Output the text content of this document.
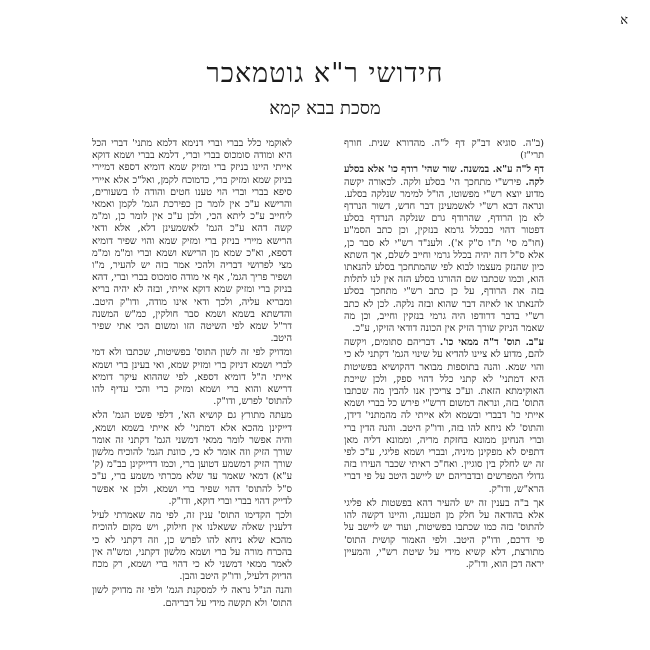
א
חידושי ר"א גוטמאכר
מסכת בבא קמא

(ב"ה. סוגיא דב"ק דף ל"ה. מהדורא שנית. חורף תרי"ז)

דף ל"ה ע"א. במשנה. שור שהי' רודף כו' אלא בסלע לקה. פירש"י מתחכך הי' בסלע ולקה. לכאורה יקשה מדוע יוצא רש"י מפשוטו, הו"ל למימר שנלקה בסלע. ונראה דבא רש"י לאשמעינן דבר חדש, דשור הנרדף לא מן הרודף, שהרודף גרם שנלקה הנרדף בסלע דפטור דהוי כבכלל גרמא בנזקין, וכן כתב הסמ"ע (חו"מ סי' ת"ו ס"ק א'). ולענ"ד רש"י לא סבר כן, אלא ס"ל דזה יהיה בכלל גרמי וחייב לשלם, אך השתא כיון שהנזק מעצמו לבוא לפי שהמתחכך בסלע להנאתו הוא, וכמו שכתבו שם ההורגו בסלע הזה אין לנו לתלות בזה את הרודף, על כן כתב רש"י מתחכך בסלע להנאתו או לאיזה דבר שהוא ובזה נלקה. לכן לא כתב רש"י בדבר דרודפו היה גרמי בנזקין וחייב, וכן מה שאמר הניזק שורך הזיק אין הכונה דודאי הזיקו, ע"כ.

ע"ב. תוס' ד"ה ממאי כו'. דבריהם סתומים, ויקשה להם, מדוע לא ציינו להדיא על שינוי הגמ' דקתני לא כי והוי שמא. והנה בתוספות מבואר דהקושיא בפשיטות היא דמתני' לא קתני כלל דהוי ספק, ולכן שייכת האוקימתא הזאת. וע"כ צריכין אנו להבין מה שכתבו התוס' בזה, ונראה דמשום דרש"י פירש כל בברי ושמא אייתי כו' דבברי ובשמא ולא אייתי לה מהמתני' דידן, והתוס' לא ניחא להו בזה, ודו"ק היטב. והנה הדין ברי וברי הנחינן ממונא בחזקת מריה, וממונא דליה מאן דתפיס לא מפקינן מיניה, ובברי ושמא פליגי, ע"כ לפי זה יש לחלק בין סוגיין. ואח"כ ראיתי שכבר העירו בזה גדולי המפרשים ובדבריהם יש ליישב היטב על פי דברי הרא"ש, ודו"ק.

אך ב"ה בענין זה יש להעיר דהא בפשטות לא פליגי אלא בהודאה על חלק מן הטענה, והיינו דקשה להו להתוס' בזה כמו שכתבו בפשיטות, ועוד יש ליישב על פי דרכם, ודו"ק היטב. ולפי האמור קושית התוס' מתורצת, דלא קשיא מידי על שיטת רש"י, והמעיין יראה דכן הוא, ודו"ק.

לאוקמי כלל בברי וברי דנימא דלמא מתני' דברי הכל היא ומודה סומכוס בברי וברי, דלמא בברי ושמא דוקא אייתי היינו בניזק ברי ומזיק שמא דומיא דספא דמיירי בניזק שמא ומזיק ברי, כדמוכח לקמן, ואל"כ אלא איירי סיפא בברי וברי הוי טענו חטים והודה לו בשעורים, והרישא ע"כ אין לומר כן כפירכת הגמ' לקמן ואמאי ליחייב ע"כ ליתא הכי, ולכן ע"כ אין לומר כן, ומ"מ קשה דהא ע"כ הגמ' לאשמעינן דלא, אלא ודאי הרישא מיירי בניזק ברי ומזיק שמא והוי שפיר דומיא דספא, וא"כ שמא מן הרישא ושמא וברי ומ"מ ומ"מ מצי לפרושי דבריה ולהכי אמר בזה יש להעיר, מ"ו ושפיר פריך הגמ', אף אי מודה סומכוס בברי וברי, דהא בניזק ברי ומזיק שמא דוקא אייתי, ובזה לא יהיה בריא ומבריא עליה, ולכך ודאי אינו מודה, ודו"ק היטב. והדשתא בשמא ושמא סבר חולקין, כמ"ש המשנה דר"ל שמא לפי השיטה הזו ומשום הכי אתי שפיר היטב.

ומדויק לפי זה לשון התוס' בפשיטות, שכתבו ולא דמי לברי ושמא דניזק ברי ומזיק שמא, ואי בעינן ברי ושמא אייתי ה"ל דומיא דספא, לפי שההוא עיקר דומיא דרישא והוא ברי ושמא ומזיק ברי והכי עדיף להו להתוס' לפרש, ודו"ק.

מעתה מתורץ גם קושיא הא', דלפי פשט הגמ' הלא דייקינן מהכא אלא דמתני' לא אייתי בשמא ושמא, והיה אפשר לומר ממאי דמשני הגמ' דקתני זה אומר שורך הזיק וזה אומר לא כי, כוונת הגמ' להוכיח מלשון שורך הזיק דמשמע דטוען ברי, וכמו דדייקינן בב"מ (ק' ע"א) דמאי שאמר עד שלא מכרתי משמע ברי, ע"כ ס"ל להתוס' דהוי שפיר ברי ושמא, ולכן אי אפשר לדייק דהוי בברי וברי דוקא, ודו"ק.

ולכך הקדימו התוס' ענין זה, לפי מה שאמרתי לעיל דלענין שאלה ששאלנו אין חילוק, ויש מקום להוכיח מהכא שלא ניחא להו לפרש כן, וזה דקתני לא כי בהכרח מורה על ברי ושמא מלשון דקתני, ומש"ה אין לאמר ממאי דמשני לא כי דהוי ברי ושמא, רק מכח הדיוק דלעיל, ודו"ק היטב והבן.

והנה הנ"ל נראה לי למסקנת הגמ' ולפי זה מדויק לשון התוס' ולא תקשה מידי על דבריהם.
